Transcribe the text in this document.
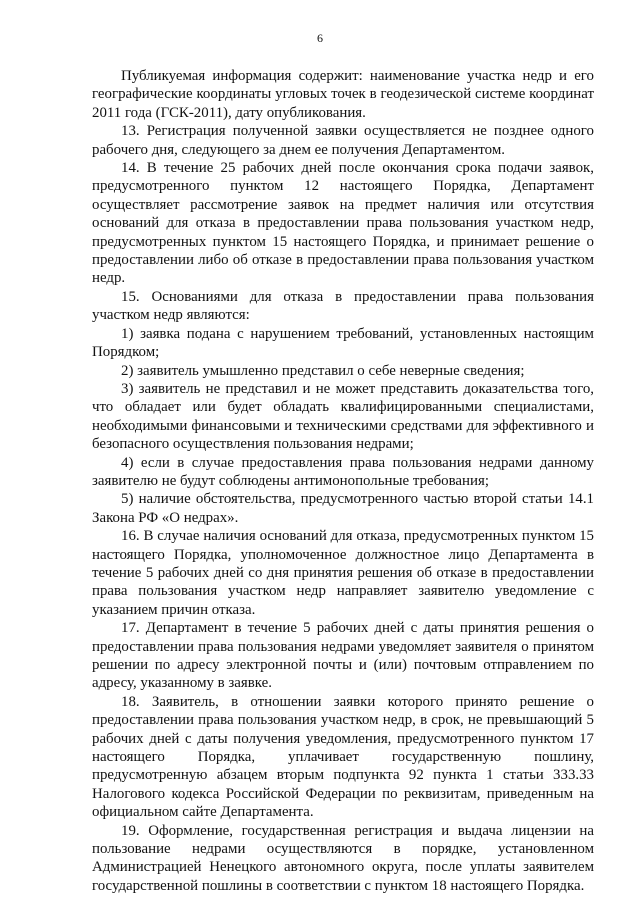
6

Публикуемая информация содержит: наименование участка недр и его географические координаты угловых точек в геодезической системе координат 2011 года (ГСК-2011), дату опубликования.

13. Регистрация полученной заявки осуществляется не позднее одного рабочего дня, следующего за днем ее получения Департаментом.

14. В течение 25 рабочих дней после окончания срока подачи заявок, предусмотренного пунктом 12 настоящего Порядка, Департамент осуществляет рассмотрение заявок на предмет наличия или отсутствия оснований для отказа в предоставлении права пользования участком недр, предусмотренных пунктом 15 настоящего Порядка, и принимает решение о предоставлении либо об отказе в предоставлении права пользования участком недр.

15. Основаниями для отказа в предоставлении права пользования участком недр являются:

1) заявка подана с нарушением требований, установленных настоящим Порядком;

2) заявитель умышленно представил о себе неверные сведения;

3) заявитель не представил и не может представить доказательства того, что обладает или будет обладать квалифицированными специалистами, необходимыми финансовыми и техническими средствами для эффективного и безопасного осуществления пользования недрами;

4) если в случае предоставления права пользования недрами данному заявителю не будут соблюдены антимонопольные требования;

5) наличие обстоятельства, предусмотренного частью второй статьи 14.1 Закона РФ «О недрах».

16. В случае наличия оснований для отказа, предусмотренных пунктом 15 настоящего Порядка, уполномоченное должностное лицо Департамента в течение 5 рабочих дней со дня принятия решения об отказе в предоставлении права пользования участком недр направляет заявителю уведомление с указанием причин отказа.

17. Департамент в течение 5 рабочих дней с даты принятия решения о предоставлении права пользования недрами уведомляет заявителя о принятом решении по адресу электронной почты и (или) почтовым отправлением по адресу, указанному в заявке.

18. Заявитель, в отношении заявки которого принято решение о предоставлении права пользования участком недр, в срок, не превышающий 5 рабочих дней с даты получения уведомления, предусмотренного пунктом 17 настоящего Порядка, уплачивает государственную пошлину, предусмотренную абзацем вторым подпункта 92 пункта 1 статьи 333.33 Налогового кодекса Российской Федерации по реквизитам, приведенным на официальном сайте Департамента.

19. Оформление, государственная регистрация и выдача лицензии на пользование недрами осуществляются в порядке, установленном Администрацией Ненецкого автономного округа, после уплаты заявителем государственной пошлины в соответствии с пунктом 18 настоящего Порядка.
